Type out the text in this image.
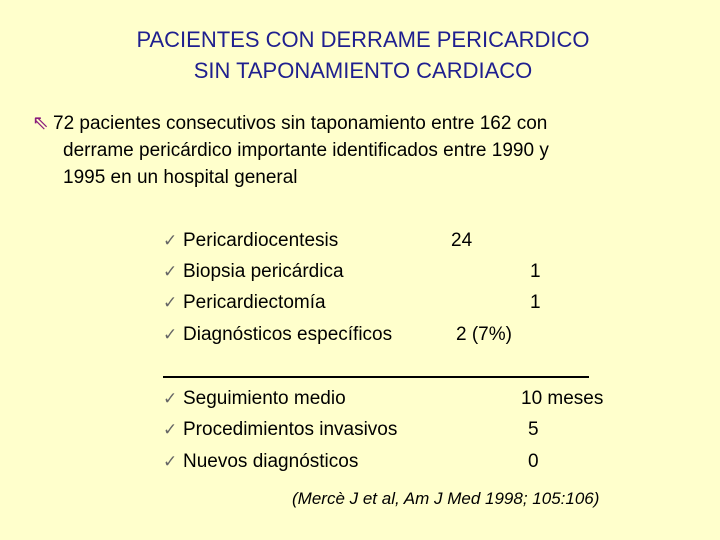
PACIENTES CON DERRAME PERICARDICO
SIN TAPONAMIENTO CARDIACO
⇖ 72 pacientes consecutivos sin taponamiento entre 162 con
derrame pericárdico importante identificados entre 1990 y
1995 en un hospital general
✓ Pericardiocentesis	24
✓ Biopsia pericárdica	1
✓ Pericardiectomía	1
✓ Diagnósticos específicos	2 (7%)
✓ Seguimiento medio	10 meses
✓ Procedimientos invasivos	5
✓ Nuevos diagnósticos	0
(Mercè J et al, Am J Med 1998; 105:106)
